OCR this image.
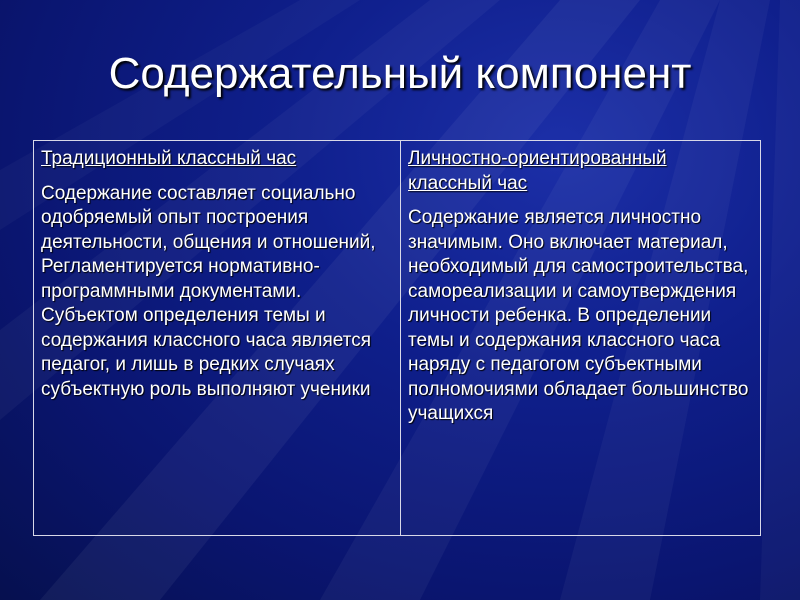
Содержательный компонент
Традиционный классный час
Содержание составляет социально одобряемый опыт построения деятельности, общения и отношений, Регламентируется нормативно-программными документами. Субъектом определения темы и содержания классного часа является педагог, и лишь в редких случаях субъектную роль выполняют ученики
Личностно-ориентированный классный час
Содержание является личностно значимым. Оно включает материал, необходимый для самостроительства, самореализации и самоутверждения личности ребенка. В определении темы и содержания классного часа наряду с педагогом субъектными полномочиями обладает большинство учащихся
